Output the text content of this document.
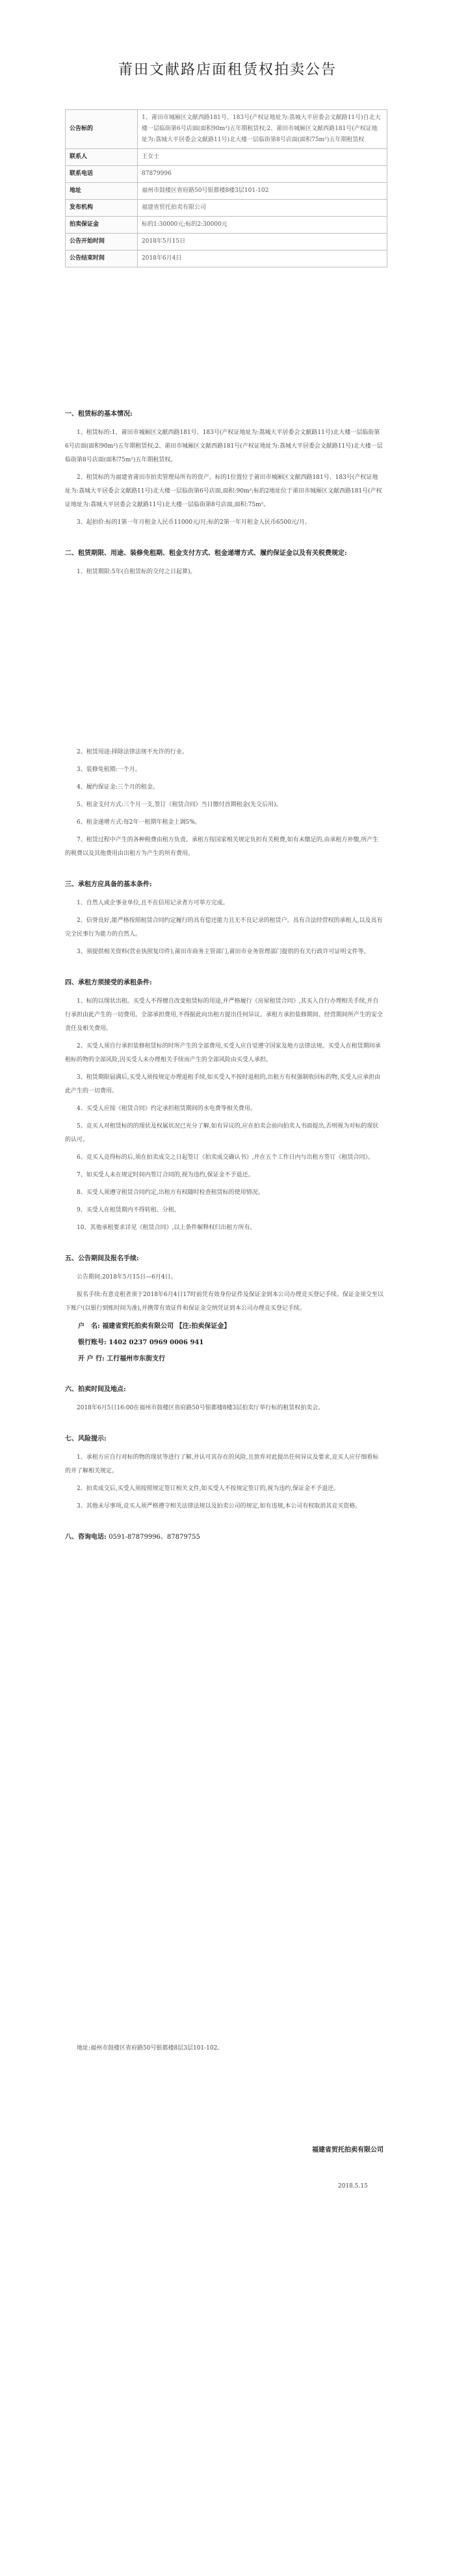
莆田文献路店面租赁权拍卖公告
公告标的	1、莆田市城厢区文献西路181号、183号(产权证地址为:荔城大平居委会文献路11号)自北大楼一层临街第6号店面(面积90m²)五年期租赁权;2、莆田市城厢区文献西路181号(产权证地址为:荔城大平居委会文献路11号)北大楼一层临街第8号店面(面积75m²)五年期租赁权
联系人	王女士
联系电话	87879996
地址	福州市鼓楼区省府路50号银都楼8楼3层101-102
发布机构	福建省贸托拍卖有限公司
拍卖保证金	标的1:30000元;标的2:30000元
公告开始时间	2018年5月15日
公告结束时间	2018年6月4日
一、租赁标的基本情况:

1、租赁标的:1、莆田市城厢区文献西路181号、183号(产权证地址为:荔城大平居委会文献路11号)北大楼一层临街第6号店面(面积90m²)五年期租赁权;2、莆田市城厢区文献西路181号(产权证地址为:荔城大平居委会文献路11号)北大楼一层临街第8号店面(面积75m²)五年期租赁权。

2、租赁标的为福建省莆田市拍卖管理局所有的资产。标的1位置位于莆田市城厢区文献西路181号、183号(产权证地址为:荔城大平居委会文献路11号)北大楼一层临街第6号店面,面积:90m²;标的2地址位于莆田市城厢区文献西路181号(产权证地址为:荔城大平居委会文献路11号)北大楼一层临街第8号店面,面积:75m²。

3、起拍价:标的1第一年月租金人民币11000元/月;标的2第一年月租金人民币6500元/月。

二、租赁期限、用途、装修免租期、租金支付方式、租金递增方式、履约保证金以及有关税费规定:

1、租赁期限:5年(自租赁标的交付之日起算)。

2、租赁用途:择除法律法规不允许的行业。

3、装修免租期:一个月。

4、履约保证金:三个月的租金。

5、租金支付方式:三个月一支,签订《租赁合同》当日缴付首期租金(先交后用)。

6、租金递增方式:每2年一租期年租金上调5%。

7、租赁过程中产生的各种税费由租方负责。承租方按国家相关规定负担有关税费,如有未缴足的,由承租方补缴,所产生的税费以及其他费用由出租方为产生的所有费用。

三、承租方应具备的基本条件:

1、自然人或企事业单位,且不在信用记录者方可举方完成。

2、信誉良好,能严格按照租赁合同约定履行的具有偿还能力且无不良记录的租赁户。具有合法经营权的承租人,以及具有完全民事行为能力的自然人。

3、须提供相关资料(营业执照复印件),莆田市商务主管部门,莆田市业务管理部门提供的有关行政许可证明文件等。

四、承租方须接受的承租条件:

1、标的以现状出租。买受人不得擅自改变租赁标的用途,并严格履行《房屋租赁合同》,其买入自行办理相关手续,并自行承担由此产生的一切费用。全部承担费用,不得据此向出租方提出任何异议。承租方承担装修期间、经营期间所产生的安全责任及相关费用。

2、买受人须自行承担装修租赁标的时所产生的全部费用,买受人应自觉遵守国家及地方法律法规。买受人在租赁期间承租标的物的全部风险,因买受人未办理相关手续而产生的全部风险由买受人承担。

3、租赁期限届满后,买受人须按规定办理退租手续,如买受人不按时退租的,出租方有权强制收回标的物,买受人应承担由此产生的一切费用。

4、买受人应按《租赁合同》约定承担租赁期间的水电费等相关费用。

5、竞买人对租赁标的的现状及权属状况已充分了解,如有异议的,应在拍卖会前向拍卖人书面提出,否则视为对标的现状的认可。

6、竞买人竞得标的后,须在拍卖成交之日起签订《拍卖成交确认书》,并在五个工作日内与出租方签订《租赁合同》。

7、如买受人未在规定时间内签订合同的,视为违约,保证金不予退还。

8、买受人须遵守租赁合同约定,出租方有权随时检查租赁标的使用情况。

9、买受人在租赁期内不得转租、分租。

10、其他承租要求详见《租赁合同》,以上条件解释权归出租方所有。

五、公告期间及报名手续:

公告期间:2018年5月15日—6月4日。

报名手续:有意竞租者须于2018年6月4日17时前凭有效身份证件及保证金到本公司办理竞买登记手续。保证金须交至以下账户(以银行到账时间为准),并携带有效证件和保证金交纳凭证到本公司办理竞买登记手续。

户　名: 福建省贸托拍卖有限公司 【注:拍卖保证金】
银行账号: 1402 0237 0969 0006 941
开 户 行: 工行福州市东街支行
六、拍卖时间及地点:

2018年6月5日16:00在福州市鼓楼区省府路50号银都楼8楼3层拍卖厅举行标的租赁权拍卖会。

七、风险提示:

1、承租方应自行对标的物的现状等进行了解,并认可其存在的风险,且放弃对此提出任何异议及要求,竞买人应仔细看标的并了解相关规定。

2、拍卖成交后,买受人须按照规定签订相关文件,如买受人不按规定签订的,视为违约,保证金不予退还。

3、其他未尽事项,竞买人须严格遵守相关法律法规以及拍卖公司的规定,如有违规,本公司有权取消其竞买资格。

八、咨询电话: 0591-87879996、87879755
地址:福州市鼓楼区省府路50号银都楼8层3层101-102。
福建省贸托拍卖有限公司
2018.5.15
